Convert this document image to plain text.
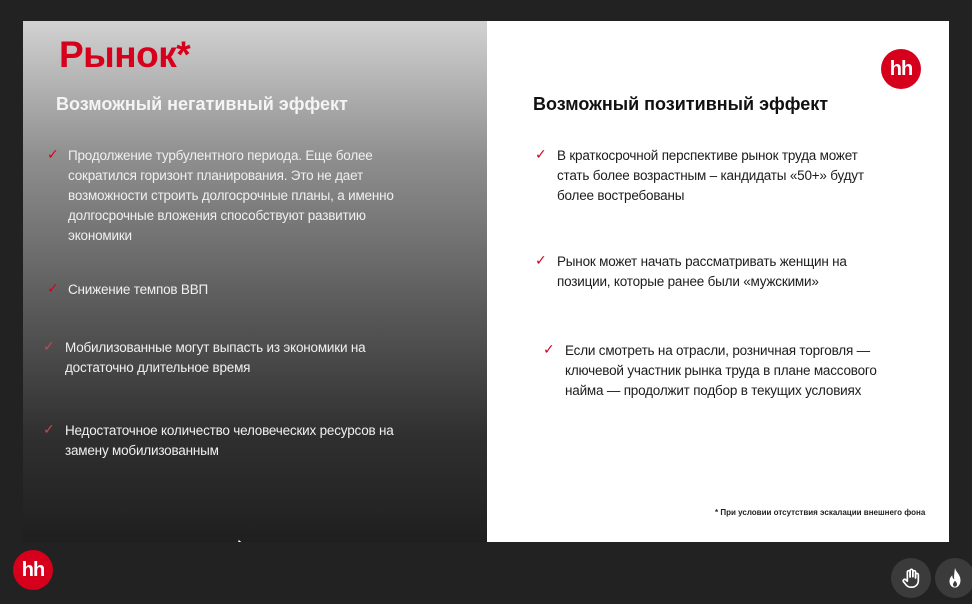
Рынок*
Возможный негативный эффект
✓ Продолжение турбулентного периода. Еще более сократился горизонт планирования. Это не дает возможности строить долгосрочные планы, а именно долгосрочные вложения способствуют развитию экономики
✓ Снижение темпов ВВП
✓ Мобилизованные могут выпасть из экономики на достаточно длительное время
✓ Недостаточное количество человеческих ресурсов на замену мобилизованным
hh
Возможный позитивный эффект
✓ В краткосрочной перспективе рынок труда может стать более возрастным – кандидаты «50+» будут более востребованы
✓ Рынок может начать рассматривать женщин на позиции, которые ранее были «мужскими»
✓ Если смотреть на отрасли, розничная торговля — ключевой участник рынка труда в плане массового найма — продолжит подбор в текущих условиях
* При условии отсутствия эскалации внешнего фона
hh
